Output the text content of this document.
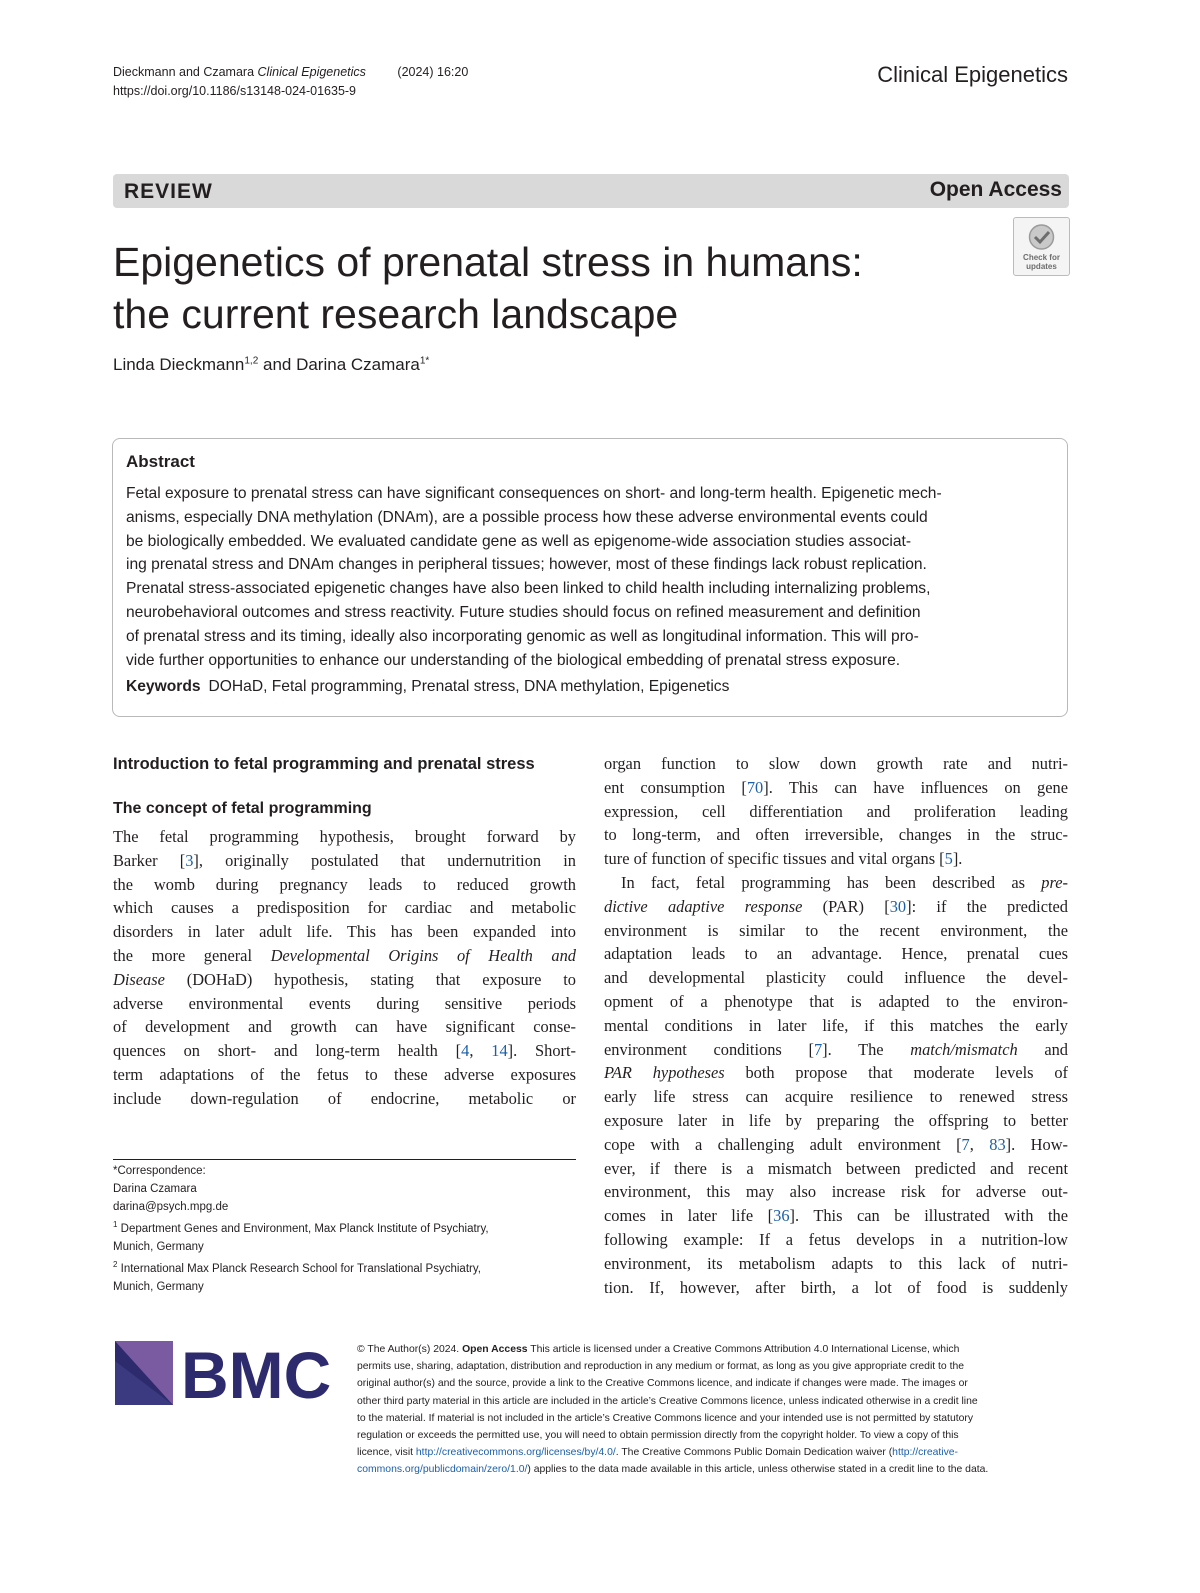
Dieckmann and Czamara Clinical Epigenetics	(2024) 16:20
https://doi.org/10.1186/s13148-024-01635-9
Clinical Epigenetics
REVIEW	Open Access
Epigenetics of prenatal stress in humans:
the current research landscape
Check for
updates
Linda Dieckmann$^{1,2}$ and Darina Czamara$^{1*}$
Abstract
Fetal exposure to prenatal stress can have significant consequences on short- and long-term health. Epigenetic mech-
anisms, especially DNA methylation (DNAm), are a possible process how these adverse environmental events could
be biologically embedded. We evaluated candidate gene as well as epigenome-wide association studies associat-
ing prenatal stress and DNAm changes in peripheral tissues; however, most of these findings lack robust replication.
Prenatal stress-associated epigenetic changes have also been linked to child health including internalizing problems,
neurobehavioral outcomes and stress reactivity. Future studies should focus on refined measurement and definition
of prenatal stress and its timing, ideally also incorporating genomic as well as longitudinal information. This will pro-
vide further opportunities to enhance our understanding of the biological embedding of prenatal stress exposure.
Keywords DOHaD, Fetal programming, Prenatal stress, DNA methylation, Epigenetics
Introduction to fetal programming and prenatal stress
The concept of fetal programming
The fetal programming hypothesis, brought forward by
Barker [3], originally postulated that undernutrition in
the womb during pregnancy leads to reduced growth
which causes a predisposition for cardiac and metabolic
disorders in later adult life. This has been expanded into
the more general Developmental Origins of Health and
Disease (DOHaD) hypothesis, stating that exposure to
adverse environmental events during sensitive periods
of development and growth can have significant conse-
quences on short- and long-term health [4, 14]. Short-
term adaptations of the fetus to these adverse exposures
include down-regulation of endocrine, metabolic or
organ function to slow down growth rate and nutri-
ent consumption [70]. This can have influences on gene
expression, cell differentiation and proliferation leading
to long-term, and often irreversible, changes in the struc-
ture of function of specific tissues and vital organs [5].
In fact, fetal programming has been described as pre-
dictive adaptive response (PAR) [30]: if the predicted
environment is similar to the recent environment, the
adaptation leads to an advantage. Hence, prenatal cues
and developmental plasticity could influence the devel-
opment of a phenotype that is adapted to the environ-
mental conditions in later life, if this matches the early
environment conditions [7]. The match/mismatch and
PAR hypotheses both propose that moderate levels of
early life stress can acquire resilience to renewed stress
exposure later in life by preparing the offspring to better
cope with a challenging adult environment [7, 83]. How-
ever, if there is a mismatch between predicted and recent
environment, this may also increase risk for adverse out-
comes in later life [36]. This can be illustrated with the
following example: If a fetus develops in a nutrition-low
environment, its metabolism adapts to this lack of nutri-
tion. If, however, after birth, a lot of food is suddenly
*Correspondence:
Darina Czamara
darina@psych.mpg.de
$^1$ Department Genes and Environment, Max Planck Institute of Psychiatry,
Munich, Germany
$^2$ International Max Planck Research School for Translational Psychiatry,
Munich, Germany
BMC © The Author(s) 2024. Open Access This article is licensed under a Creative Commons Attribution 4.0 International License, which
permits use, sharing, adaptation, distribution and reproduction in any medium or format, as long as you give appropriate credit to the
original author(s) and the source, provide a link to the Creative Commons licence, and indicate if changes were made. The images or
other third party material in this article are included in the article’s Creative Commons licence, unless indicated otherwise in a credit line
to the material. If material is not included in the article’s Creative Commons licence and your intended use is not permitted by statutory
regulation or exceeds the permitted use, you will need to obtain permission directly from the copyright holder. To view a copy of this
licence, visit http://creativecommons.org/licenses/by/4.0/. The Creative Commons Public Domain Dedication waiver (http://creative-
commons.org/publicdomain/zero/1.0/) applies to the data made available in this article, unless otherwise stated in a credit line to the data.
